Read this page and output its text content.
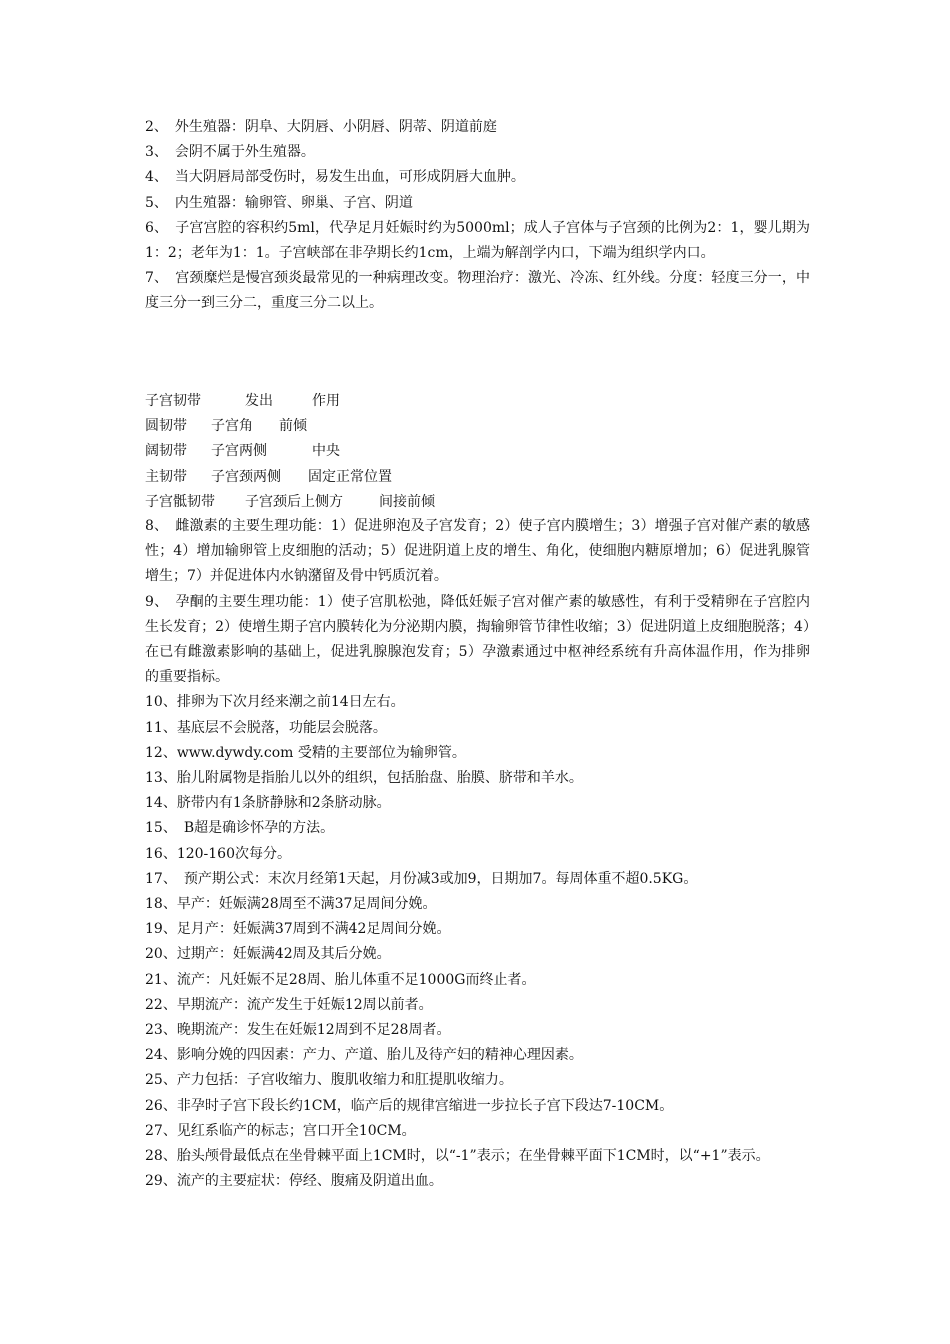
2、　外生殖器：阴阜、大阴唇、小阴唇、阴蒂、阴道前庭

3、　会阴不属于外生殖器。

4、　当大阴唇局部受伤时，易发生出血，可形成阴唇大血肿。

5、　内生殖器：输卵管、卵巢、子宫、阴道

6、　子宫宫腔的容积约5ml，代孕足月妊娠时约为5000ml；成人子宫体与子宫颈的比例为2：1，婴儿期为1：2；老年为1：1。子宫峡部在非孕期长约1cm，上端为解剖学内口，下端为组织学内口。

7、　宫颈糜烂是慢宫颈炎最常见的一种病理改变。物理治疗：激光、冷冻、红外线。分度：轻度三分一，中度三分一到三分二，重度三分二以上。

子宫韧带	发出	作用
圆韧带	子宫角	前倾
阔韧带	子宫两侧	中央
主韧带	子宫颈两侧	固定正常位置
子宫骶韧带	子宫颈后上侧方	间接前倾

8、　雌激素的主要生理功能：1）促进卵泡及子宫发育；2）使子宫内膜增生；3）增强子宫对催产素的敏感性；4）增加输卵管上皮细胞的活动；5）促进阴道上皮的增生、角化，使细胞内糖原增加；6）促进乳腺管增生；7）并促进体内水钠潴留及骨中钙质沉着。

9、　孕酮的主要生理功能：1）使子宫肌松弛，降低妊娠子宫对催产素的敏感性，有利于受精卵在子宫腔内生长发育；2）使增生期子宫内膜转化为分泌期内膜，掏输卵管节律性收缩；3）促进阴道上皮细胞脱落；4）在已有雌激素影响的基础上，促进乳腺腺泡发育；5）孕激素通过中枢神经系统有升高体温作用，作为排卵的重要指标。

10、排卵为下次月经来潮之前14日左右。

11、基底层不会脱落，功能层会脱落。

12、www.dywdy.com 受精的主要部位为输卵管。

13、胎儿附属物是指胎儿以外的组织，包括胎盘、胎膜、脐带和羊水。

14、脐带内有1条脐静脉和2条脐动脉。

15、　B超是确诊怀孕的方法。

16、120-160次每分。

17、　预产期公式：末次月经第1天起，月份减3或加9，日期加7。每周体重不超0.5KG。

18、早产：妊娠满28周至不满37足周间分娩。

19、足月产：妊娠满37周到不满42足周间分娩。

20、过期产：妊娠满42周及其后分娩。

21、流产：凡妊娠不足28周、胎儿体重不足1000G而终止者。

22、早期流产：流产发生于妊娠12周以前者。

23、晚期流产：发生在妊娠12周到不足28周者。

24、影响分娩的四因素：产力、产道、胎儿及待产妇的精神心理因素。

25、产力包括：子宫收缩力、腹肌收缩力和肛提肌收缩力。

26、非孕时子宫下段长约1CM，临产后的规律宫缩进一步拉长子宫下段达7-10CM。

27、见红系临产的标志；宫口开全10CM。

28、胎头颅骨最低点在坐骨棘平面上1CM时，以“-1”表示；在坐骨棘平面下1CM时，以“+1”表示。

29、流产的主要症状：停经、腹痛及阴道出血。
